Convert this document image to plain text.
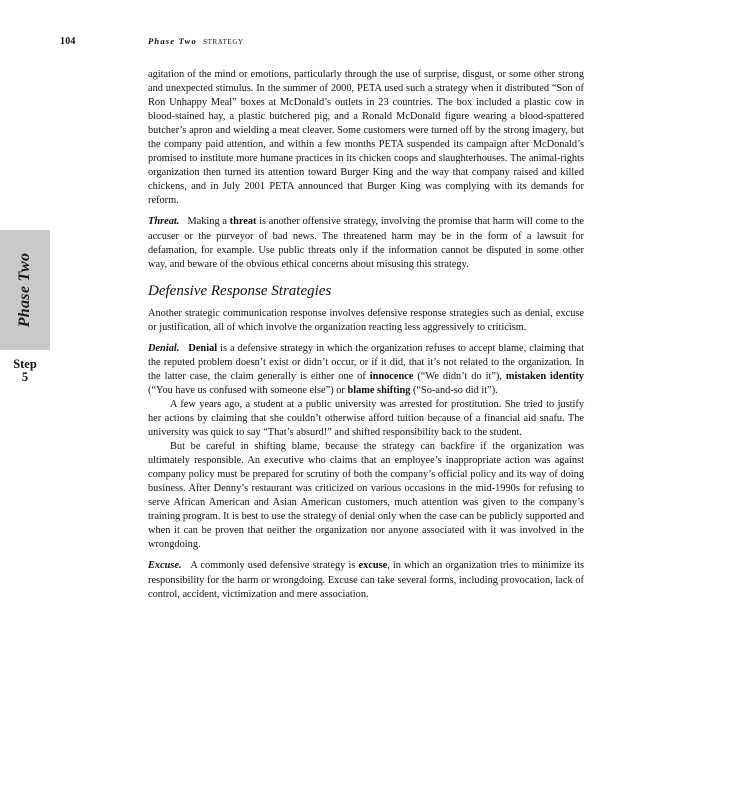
104	Phase Two STRATEGY
Phase Two
Step
5

agitation of the mind or emotions, particularly through the use of surprise, disgust, or some other strong and unexpected stimulus. In the summer of 2000, PETA used such a strategy when it distributed “Son of Ron Unhappy Meal” boxes at McDonald’s outlets in 23 countries. The box included a plastic cow in blood-stained hay, a plastic butchered pig, and a Ronald McDonald figure wearing a blood-spattered butcher’s apron and wielding a meat cleaver. Some customers were turned off by the strong imagery, but the company paid attention, and within a few months PETA suspended its campaign after McDonald’s promised to institute more humane practices in its chicken coops and slaughterhouses. The animal-rights organization then turned its attention toward Burger King and the way that company raised and killed chickens, and in July 2001 PETA announced that Burger King was complying with its demands for reform.

Threat. Making a threat is another offensive strategy, involving the promise that harm will come to the accuser or the purveyor of bad news. The threatened harm may be in the form of a lawsuit for defamation, for example. Use public threats only if the information cannot be disputed in some other way, and beware of the obvious ethical concerns about misusing this strategy.

Defensive Response Strategies

Another strategic communication response involves defensive response strategies such as denial, excuse or justification, all of which involve the organization reacting less aggressively to criticism.

Denial. Denial is a defensive strategy in which the organization refuses to accept blame, claiming that the reputed problem doesn’t exist or didn’t occur, or if it did, that it’s not related to the organization. In the latter case, the claim generally is either one of innocence (“We didn’t do it”), mistaken identity (“You have us confused with someone else”) or blame shifting (“So-and-so did it”).

A few years ago, a student at a public university was arrested for prostitution. She tried to justify her actions by claiming that she couldn’t otherwise afford tuition because of a financial aid snafu. The university was quick to say “That’s absurd!” and shifted responsibility back to the student.

But be careful in shifting blame, because the strategy can backfire if the organization was ultimately responsible. An executive who claims that an employee’s inappropriate action was against company policy must be prepared for scrutiny of both the company’s official policy and its way of doing business. After Denny’s restaurant was criticized on various occasions in the mid-1990s for refusing to serve African American and Asian American customers, much attention was given to the company’s training program. It is best to use the strategy of denial only when the case can be publicly supported and when it can be proven that neither the organization nor anyone associated with it was involved in the wrongdoing.

Excuse. A commonly used defensive strategy is excuse, in which an organization tries to minimize its responsibility for the harm or wrongdoing. Excuse can take several forms, including provocation, lack of control, accident, victimization and mere association.
